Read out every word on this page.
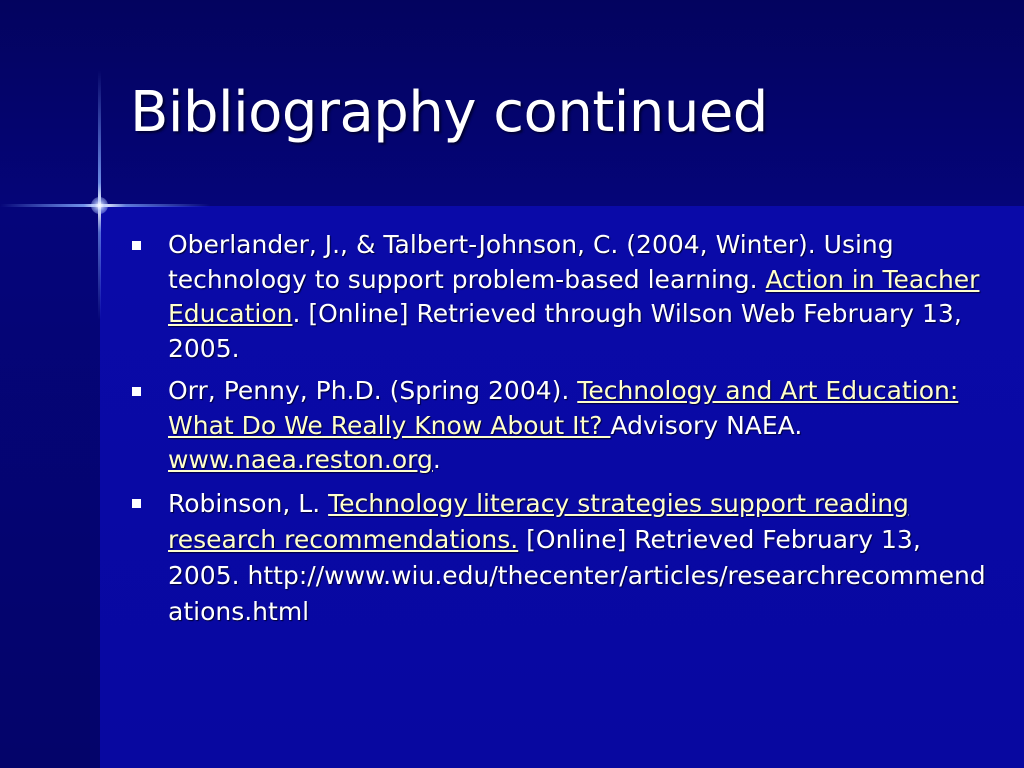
Bibliography continued
Oberlander, J., & Talbert-Johnson, C. (2004, Winter). Using technology to support problem-based learning. Action in Teacher Education. [Online] Retrieved through Wilson Web February 13, 2005.
Orr, Penny, Ph.D. (Spring 2004). Technology and Art Education: What Do We Really Know About It? Advisory NAEA. www.naea.reston.org.
Robinson, L. Technology literacy strategies support reading research recommendations. [Online] Retrieved February 13, 2005. http://www.wiu.edu/thecenter/articles/researchrecommendations.html
